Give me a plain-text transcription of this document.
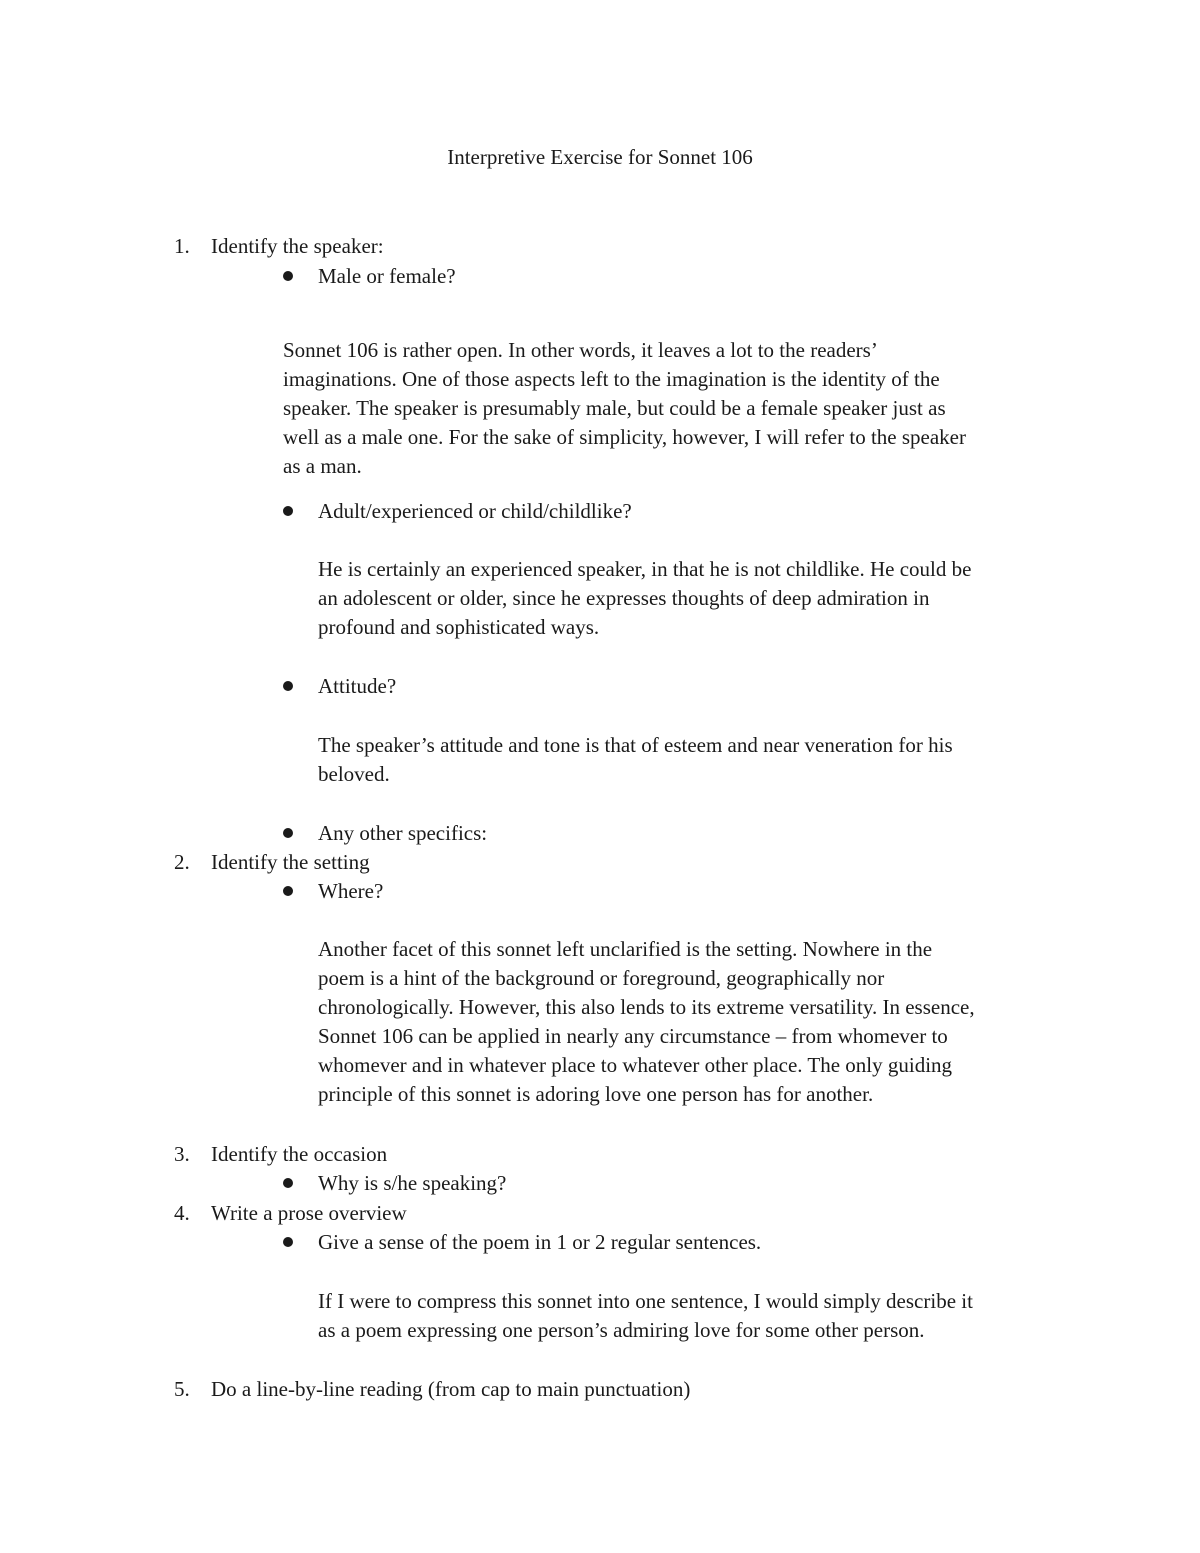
Interpretive Exercise for Sonnet 106
1.	Identify the speaker:
Male or female?
Sonnet 106 is rather open. In other words, it leaves a lot to the readers’
imaginations. One of those aspects left to the imagination is the identity of the
speaker. The speaker is presumably male, but could be a female speaker just as
well as a male one. For the sake of simplicity, however, I will refer to the speaker
as a man.
Adult/experienced or child/childlike?
He is certainly an experienced speaker, in that he is not childlike. He could be
an adolescent or older, since he expresses thoughts of deep admiration in
profound and sophisticated ways.
Attitude?
The speaker’s attitude and tone is that of esteem and near veneration for his
beloved.
Any other specifics:
2.	Identify the setting
Where?
Another facet of this sonnet left unclarified is the setting. Nowhere in the
poem is a hint of the background or foreground, geographically nor
chronologically. However, this also lends to its extreme versatility. In essence,
Sonnet 106 can be applied in nearly any circumstance – from whomever to
whomever and in whatever place to whatever other place. The only guiding
principle of this sonnet is adoring love one person has for another.
3.	Identify the occasion
Why is s/he speaking?
4.	Write a prose overview
Give a sense of the poem in 1 or 2 regular sentences.
If I were to compress this sonnet into one sentence, I would simply describe it
as a poem expressing one person’s admiring love for some other person.
5.	Do a line-by-line reading (from cap to main punctuation)
